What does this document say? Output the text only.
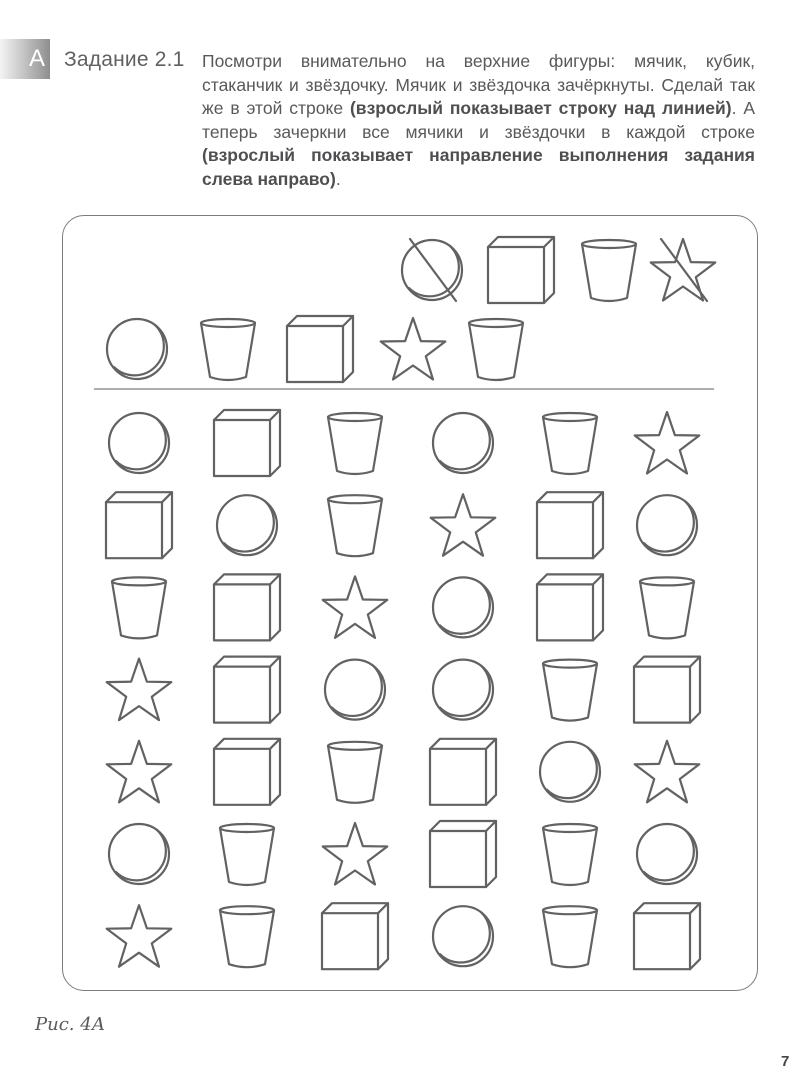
A Задание 2.1 Посмотри внимательно на верхние фигуры: мячик, кубик, стаканчик и звёздочку. Мячик и звёздочка зачёркнуты. Сделай так же в этой строке (взрослый показывает строку над линией). А теперь зачеркни все мячики и звёздочки в каждой строке (взрослый показывает направление выполнения задания слева направо).

Рис. 4А
7
